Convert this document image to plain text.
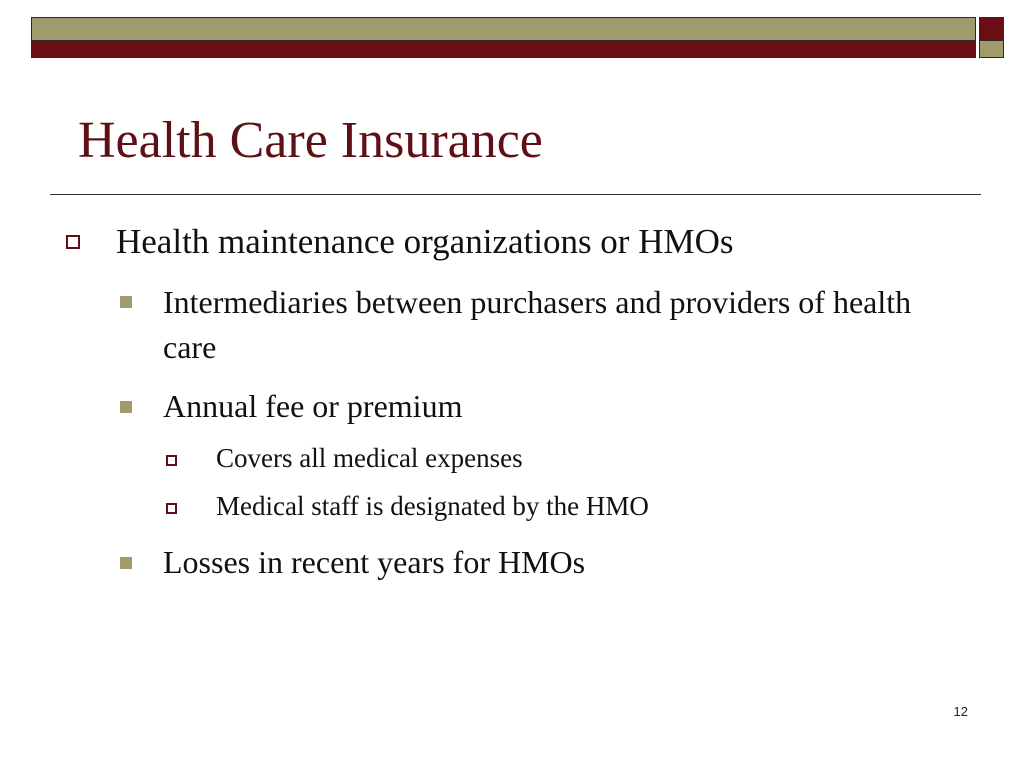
Health Care Insurance
Health maintenance organizations or HMOs
Intermediaries between purchasers and providers of health care
Annual fee or premium
Covers all medical expenses
Medical staff is designated by the HMO
Losses in recent years for HMOs
12
